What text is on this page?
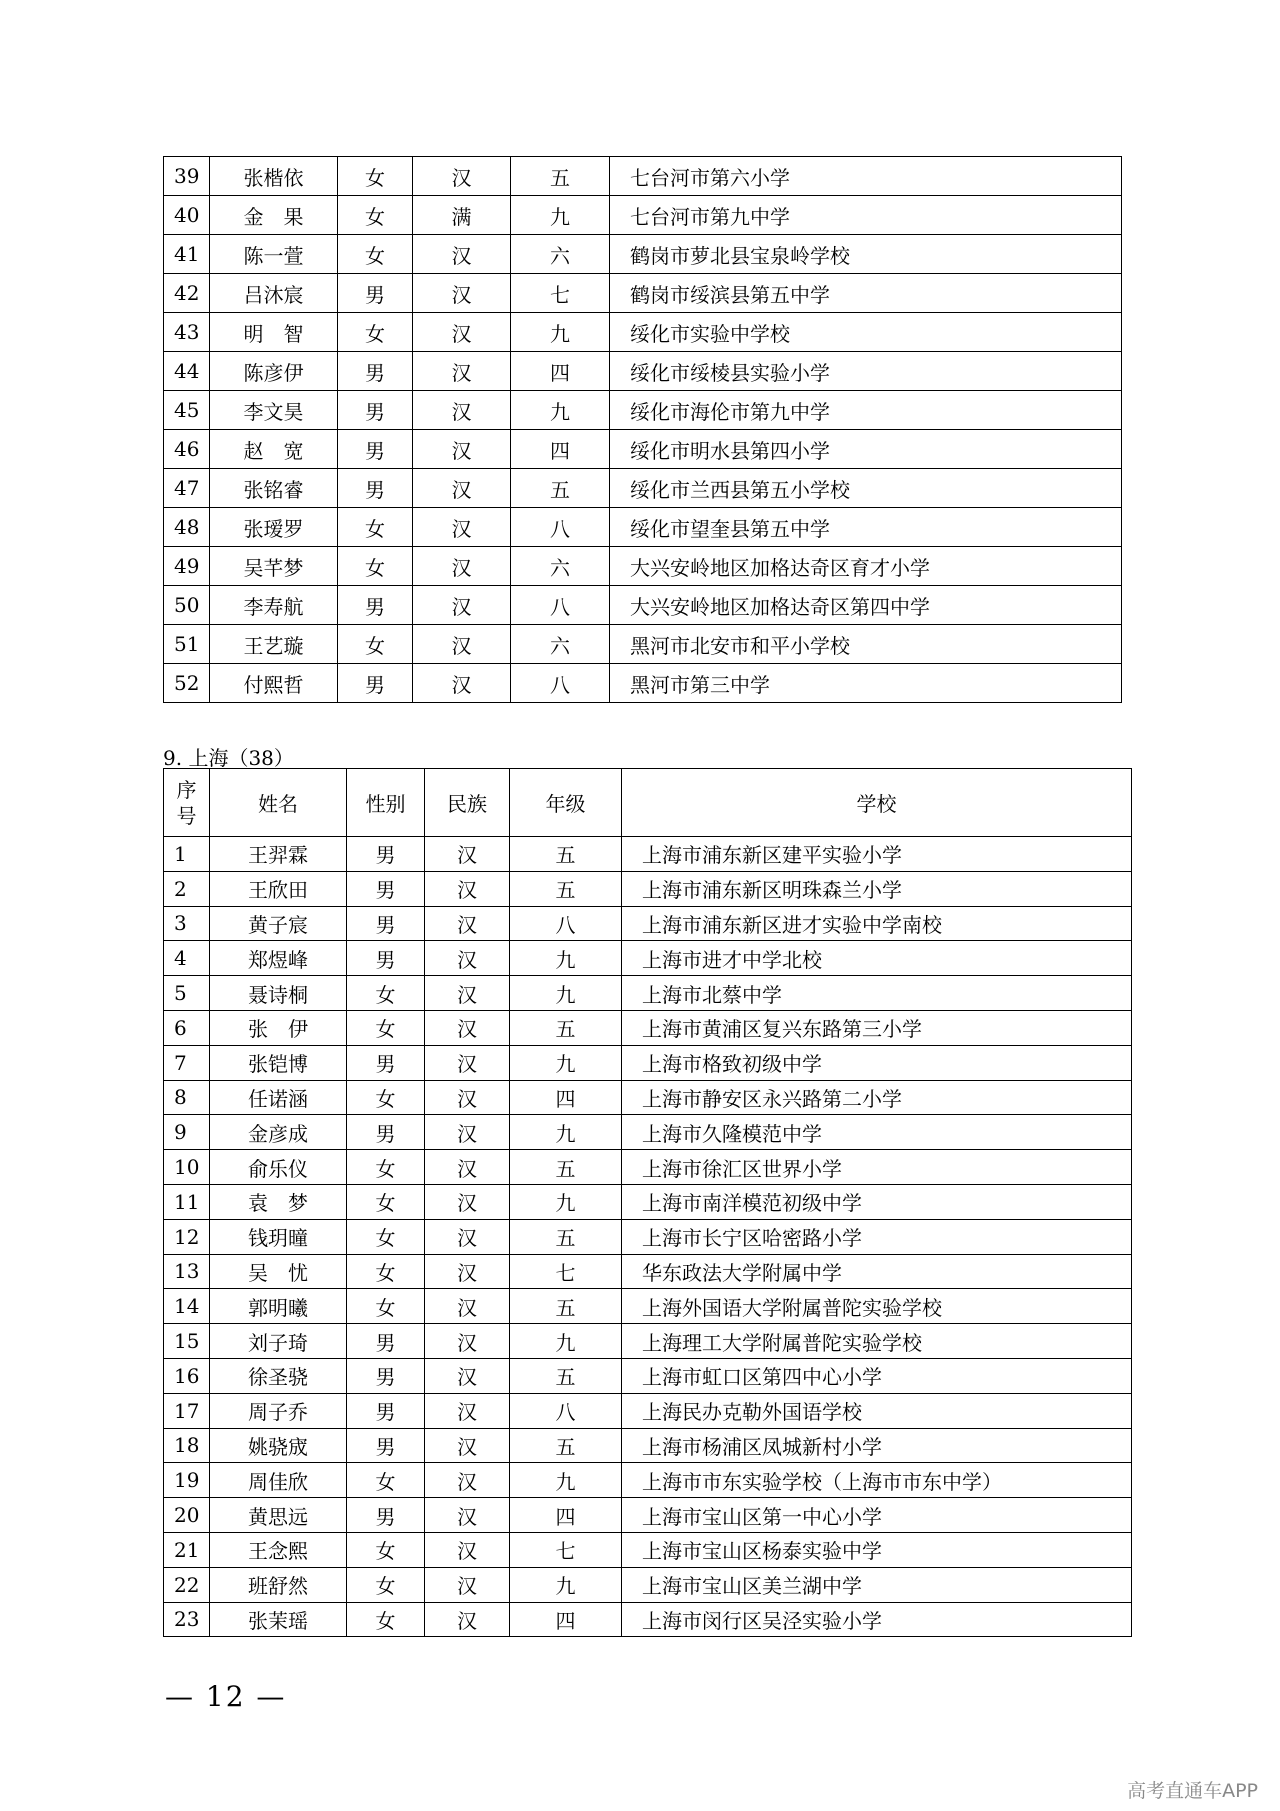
39	张楷依	女	汉	五	七台河市第六小学
40	金　果	女	满	九	七台河市第九中学
41	陈一萱	女	汉	六	鹤岗市萝北县宝泉岭学校
42	吕沐宸	男	汉	七	鹤岗市绥滨县第五中学
43	明　智	女	汉	九	绥化市实验中学校
44	陈彦伊	男	汉	四	绥化市绥棱县实验小学
45	李文昊	男	汉	九	绥化市海伦市第九中学
46	赵　宽	男	汉	四	绥化市明水县第四小学
47	张铭睿	男	汉	五	绥化市兰西县第五小学校
48	张瑷罗	女	汉	八	绥化市望奎县第五中学
49	吴芊梦	女	汉	六	大兴安岭地区加格达奇区育才小学
50	李寿航	男	汉	八	大兴安岭地区加格达奇区第四中学
51	王艺璇	女	汉	六	黑河市北安市和平小学校
52	付熙哲	男	汉	八	黑河市第三中学
9. 上海（38）
序
号	姓名	性别	民族	年级	学校
1	王羿霖	男	汉	五	上海市浦东新区建平实验小学
2	王欣田	男	汉	五	上海市浦东新区明珠森兰小学
3	黄子宸	男	汉	八	上海市浦东新区进才实验中学南校
4	郑煜峰	男	汉	九	上海市进才中学北校
5	聂诗桐	女	汉	九	上海市北蔡中学
6	张　伊	女	汉	五	上海市黄浦区复兴东路第三小学
7	张铠博	男	汉	九	上海市格致初级中学
8	任诺涵	女	汉	四	上海市静安区永兴路第二小学
9	金彦成	男	汉	九	上海市久隆模范中学
10	俞乐仪	女	汉	五	上海市徐汇区世界小学
11	袁　梦	女	汉	九	上海市南洋模范初级中学
12	钱玥曈	女	汉	五	上海市长宁区哈密路小学
13	吴　忧	女	汉	七	华东政法大学附属中学
14	郭明曦	女	汉	五	上海外国语大学附属普陀实验学校
15	刘子琦	男	汉	九	上海理工大学附属普陀实验学校
16	徐圣骁	男	汉	五	上海市虹口区第四中心小学
17	周子乔	男	汉	八	上海民办克勒外国语学校
18	姚骁宬	男	汉	五	上海市杨浦区凤城新村小学
19	周佳欣	女	汉	九	上海市市东实验学校（上海市市东中学）
20	黄思远	男	汉	四	上海市宝山区第一中心小学
21	王念熙	女	汉	七	上海市宝山区杨泰实验中学
22	班舒然	女	汉	九	上海市宝山区美兰湖中学
23	张茉瑶	女	汉	四	上海市闵行区吴泾实验小学
— 12 —
高考直通车APP
